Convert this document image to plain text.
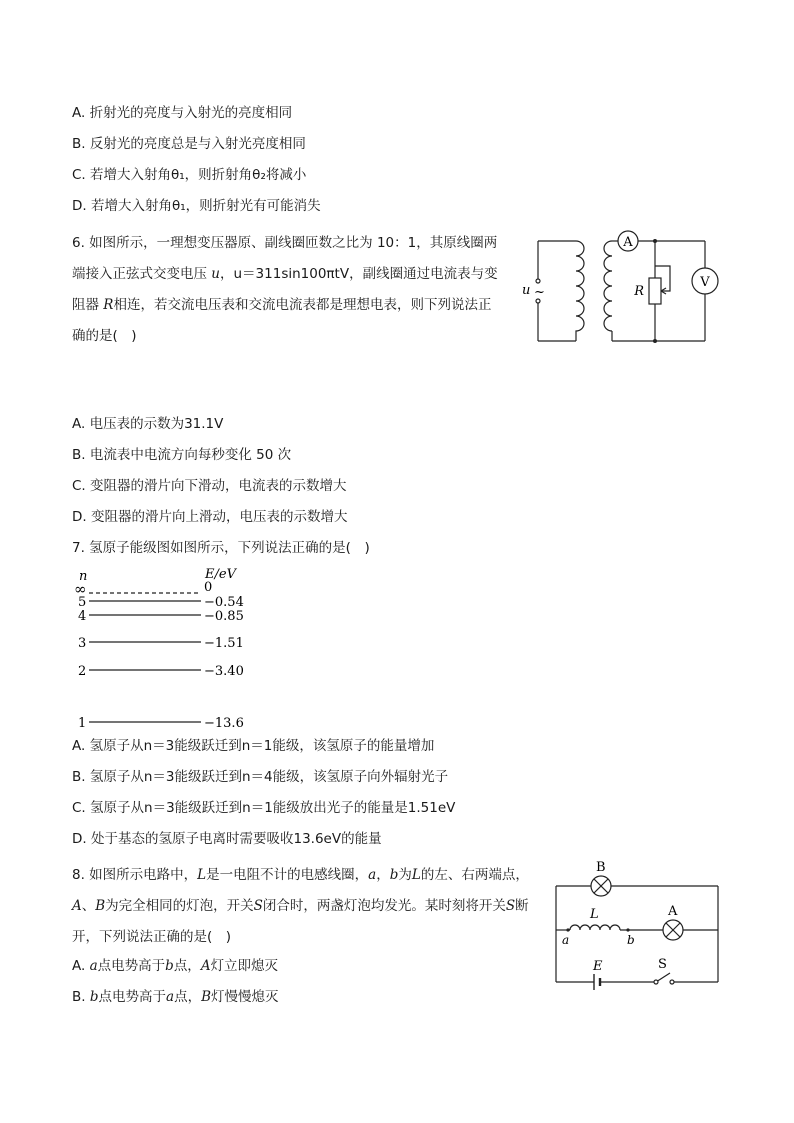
A. 折射光的亮度与入射光的亮度相同
B. 反射光的亮度总是与入射光亮度相同
C. 若增大入射角θ₁，则折射角θ₂将减小
D. 若增大入射角θ₁，则折射光有可能消失
6. 如图所示，一理想变压器原、副线圈匝数之比为 10：1，其原线圈两端接入正弦式交变电压 u，u＝311sin100πtV，副线圈通过电流表与变阻器 R相连，若交流电压表和交流电流表都是理想电表，则下列说法正确的是(　)
A
V
R
u ~
A. 电压表的示数为31.1V
B. 电流表中电流方向每秒变化 50 次
C. 变阻器的滑片向下滑动，电流表的示数增大
D. 变阻器的滑片向上滑动，电压表的示数增大
7. 氢原子能级图如图所示，下列说法正确的是(　)
n	E/eV
∞	0
5	−0.54
4	−0.85
3	−1.51
2	−3.40
1	−13.6
A. 氢原子从n＝3能级跃迁到n＝1能级，该氢原子的能量增加
B. 氢原子从n＝3能级跃迁到n＝4能级，该氢原子向外辐射光子
C. 氢原子从n＝3能级跃迁到n＝1能级放出光子的能量是1.51eV
D. 处于基态的氢原子电离时需要吸收13.6eV的能量
8. 如图所示电路中，L是一电阻不计的电感线圈，a，b为L的左、右两端点，A、B为完全相同的灯泡，开关S闭合时，两盏灯泡均发光。某时刻将开关S断开，下列说法正确的是(　)
A. a点电势高于b点，A灯立即熄灭
B. b点电势高于a点，B灯慢慢熄灭
B
A
L
a	b
E	S
